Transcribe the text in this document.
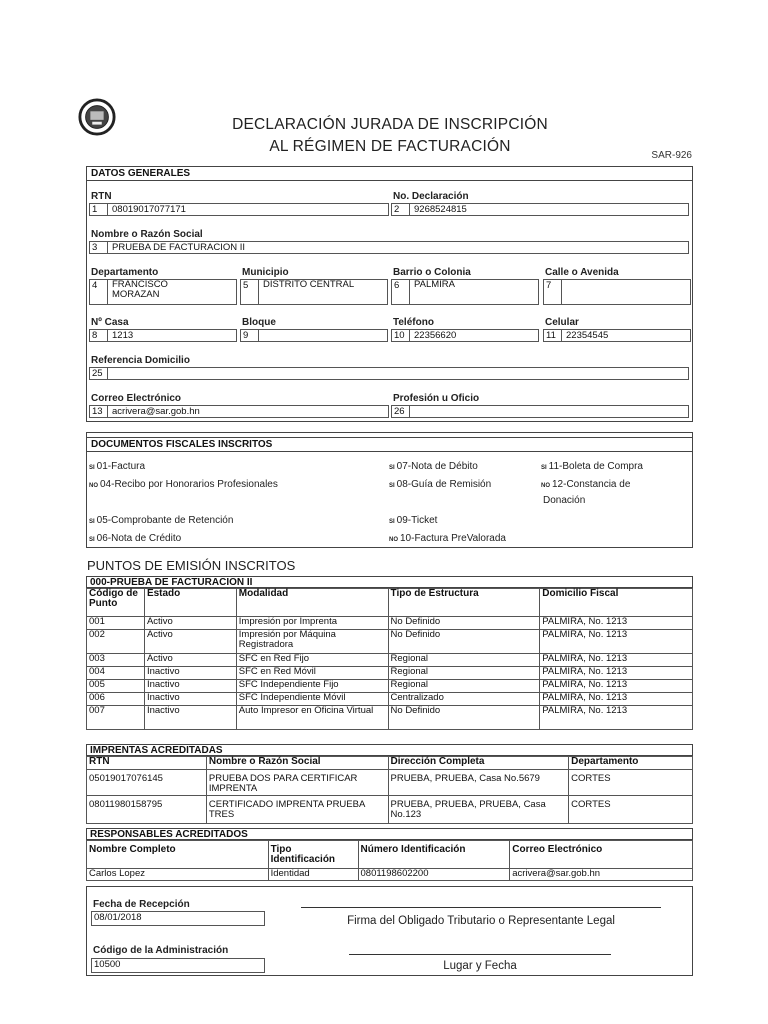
DECLARACIÓN JURADA DE INSCRIPCIÓN
AL RÉGIMEN DE FACTURACIÓN
SAR-926
DATOS GENERALES
RTN
1	08019017077171
No. Declaración
2	9268524815
Nombre o Razón Social
3	PRUEBA DE FACTURACION II
Departamento
4	FRANCISCO MORAZAN
Municipio
5	DISTRITO CENTRAL
Barrio o Colonia
6	PALMIRA
Calle o Avenida
7
Nº Casa
8	1213
Bloque
9
Teléfono
10 22356620
Celular
11	22354545
Referencia Domicilio
25
Correo Electrónico
13 acrivera@sar.gob.hn
Profesión u Oficio
26
DOCUMENTOS FISCALES INSCRITOS
SI 01-Factura	SI 07-Nota de Débito	SI 11-Boleta de Compra
NO 04-Recibo por Honorarios Profesionales	SI 08-Guía de Remisión	NO 12-Constancia de
Donación
SI 05-Comprobante de Retención	SI 09-Ticket
SI 06-Nota de Crédito	NO 10-Factura PreValorada
PUNTOS DE EMISIÓN INSCRITOS
000-PRUEBA DE FACTURACION II
Código de Punto	Estado	Modalidad	Tipo de Estructura	Domicilio Fiscal
001	Activo	Impresión por Imprenta	No Definido	PALMIRA, No. 1213
002	Activo	Impresión por Máquina Registradora	No Definido	PALMIRA, No. 1213
003	Activo	SFC en Red Fijo	Regional	PALMIRA, No. 1213
004	Inactivo	SFC en Red Móvil	Regional	PALMIRA, No. 1213
005	Inactivo	SFC Independiente Fijo	Regional	PALMIRA, No. 1213
006	Inactivo	SFC Independiente Móvil	Centralizado	PALMIRA, No. 1213
007	Inactivo	Auto Impresor en Oficina Virtual	No Definido	PALMIRA, No. 1213
IMPRENTAS ACREDITADAS
RTN	Nombre o Razón Social	Dirección Completa	Departamento
05019017076145	PRUEBA DOS PARA CERTIFICAR IMPRENTA	PRUEBA, PRUEBA, Casa No.5679	CORTES
08011980158795	CERTIFICADO IMPRENTA PRUEBA TRES	PRUEBA, PRUEBA, PRUEBA, Casa No.123	CORTES
RESPONSABLES ACREDITADOS
Nombre Completo	Tipo Identificación	Número Identificación	Correo Electrónico
Carlos Lopez	Identidad	0801198602200	acrivera@sar.gob.hn
Fecha de Recepción
08/01/2018
Código de la Administración
10500
Firma del Obligado Tributario o Representante Legal
Lugar y Fecha
